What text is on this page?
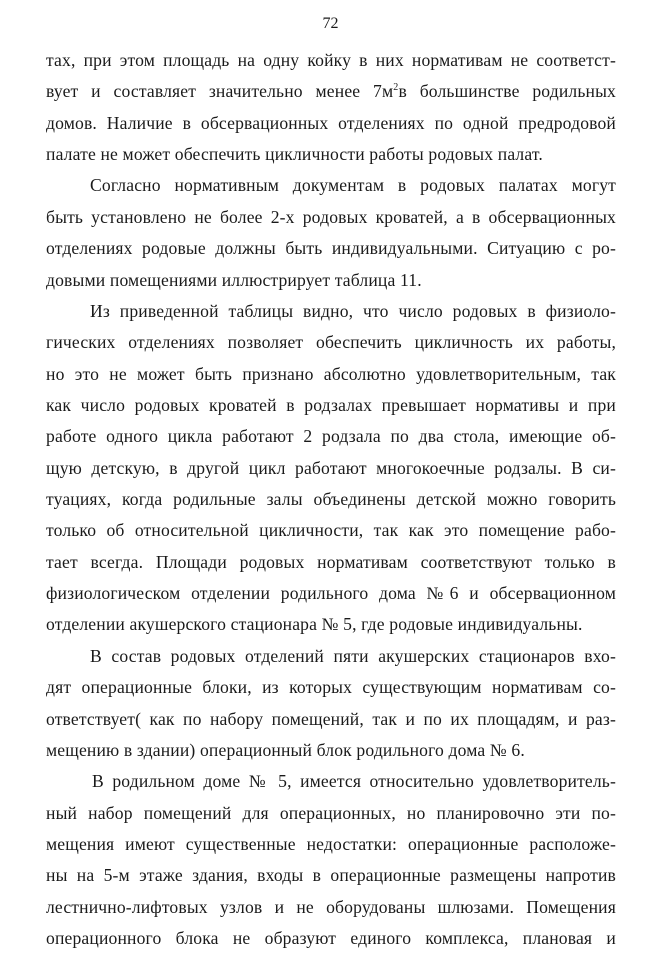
72
тах, при этом площадь на одну койку в них нормативам не соответст-
вует и составляет значительно менее $7м^2в$ большинстве родильных
домов. Наличие в обсервационных отделениях по одной предродовой
палате не может обеспечить цикличности работы родовых палат.
Согласно нормативным документам в родовых палатах могут
быть установлено не более 2-х родовых кроватей, а в обсервационных
отделениях родовые должны быть индивидуальными. Ситуацию с ро-
довыми помещениями иллюстрирует таблица 11.
Из приведенной таблицы видно, что число родовых в физиоло-
гических отделениях позволяет обеспечить цикличность их работы,
но это не может быть признано абсолютно удовлетворительным, так
как число родовых кроватей в родзалах превышает нормативы и при
работе одного цикла работают 2 родзала по два стола, имеющие об-
щую детскую, в другой цикл работают многокоечные родзалы. В си-
туациях, когда родильные залы объединены детской можно говорить
только об относительной цикличности, так как это помещение рабо-
тает всегда. Площади родовых нормативам соответствуют только в
физиологическом отделении родильного дома №6 и обсервационном
отделении акушерского стационара № 5, где родовые индивидуальны.
В состав родовых отделений пяти акушерских стационаров вхо-
дят операционные блоки, из которых существующим нормативам со-
ответствует( как по набору помещений, так и по их площадям, и раз-
мещению в здании) операционный блок родильного дома № 6.
В родильном доме № 5, имеется относительно удовлетворитель-
ный набор помещений для операционных, но планировочно эти по-
мещения имеют существенные недостатки: операционные расположе-
ны на 5-м этаже здания, входы в операционные размещены напротив
лестнично-лифтовых узлов и не оборудованы шлюзами. Помещения
операционного блока не образуют единого комплекса, плановая и
